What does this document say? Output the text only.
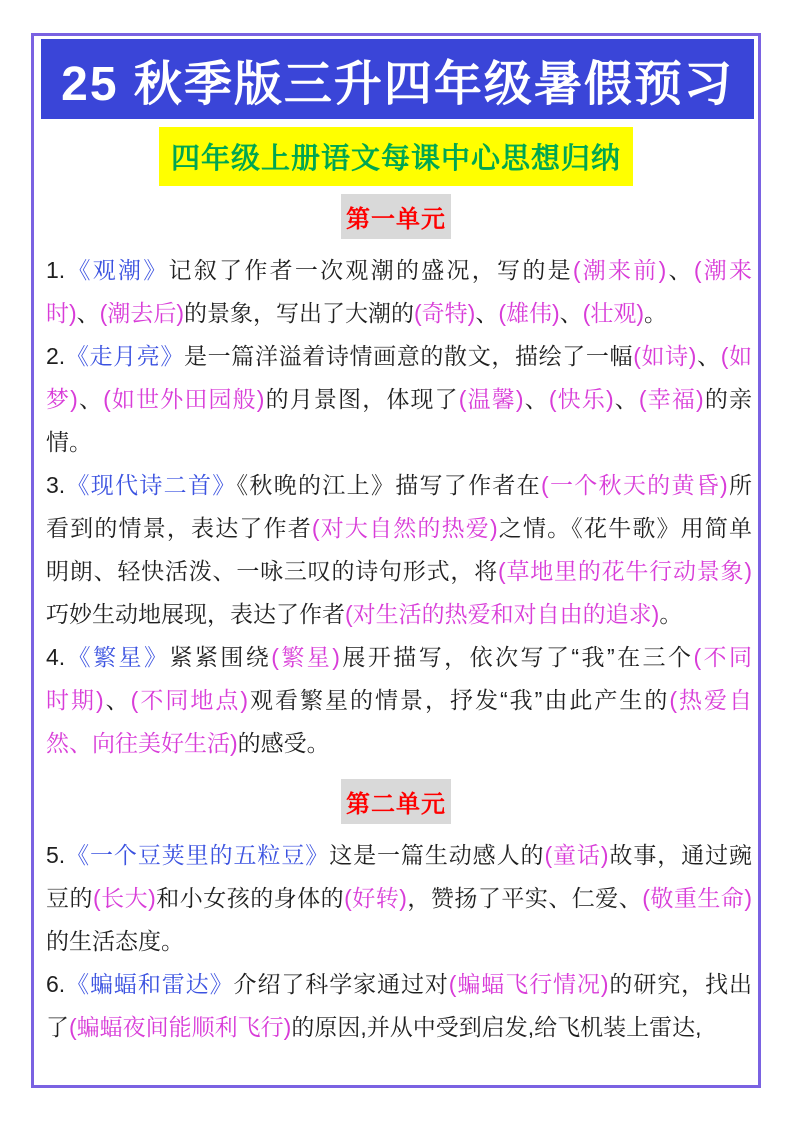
25 秋季版三升四年级暑假预习
四年级上册语文每课中心思想归纳
第一单元
1.《观潮》记叙了作者一次观潮的盛况，写的是(潮来前)、(潮来
时)、(潮去后)的景象，写出了大潮的(奇特)、(雄伟)、(壮观)。
2.《走月亮》是一篇洋溢着诗情画意的散文，描绘了一幅(如诗)、(如
梦)、(如世外田园般)的月景图，体现了(温馨)、(快乐)、(幸福)的亲
情。
3.《现代诗二首》《秋晚的江上》描写了作者在(一个秋天的黄昏)所
看到的情景，表达了作者(对大自然的热爱)之情。《花牛歌》用简单
明朗、轻快活泼、一咏三叹的诗句形式，将(草地里的花牛行动景象)
巧妙生动地展现，表达了作者(对生活的热爱和对自由的追求)。
4.《繁星》紧紧围绕(繁星)展开描写，依次写了“我”在三个(不同
时期)、(不同地点)观看繁星的情景，抒发“我”由此产生的(热爱自
然、向往美好生活)的感受。
第二单元
5.《一个豆荚里的五粒豆》这是一篇生动感人的(童话)故事，通过豌
豆的(长大)和小女孩的身体的(好转)，赞扬了平实、仁爱、(敬重生命)
的生活态度。
6.《蝙蝠和雷达》介绍了科学家通过对(蝙蝠飞行情况)的研究，找出
了(蝙蝠夜间能顺利飞行)的原因,并从中受到启发,给飞机装上雷达,
